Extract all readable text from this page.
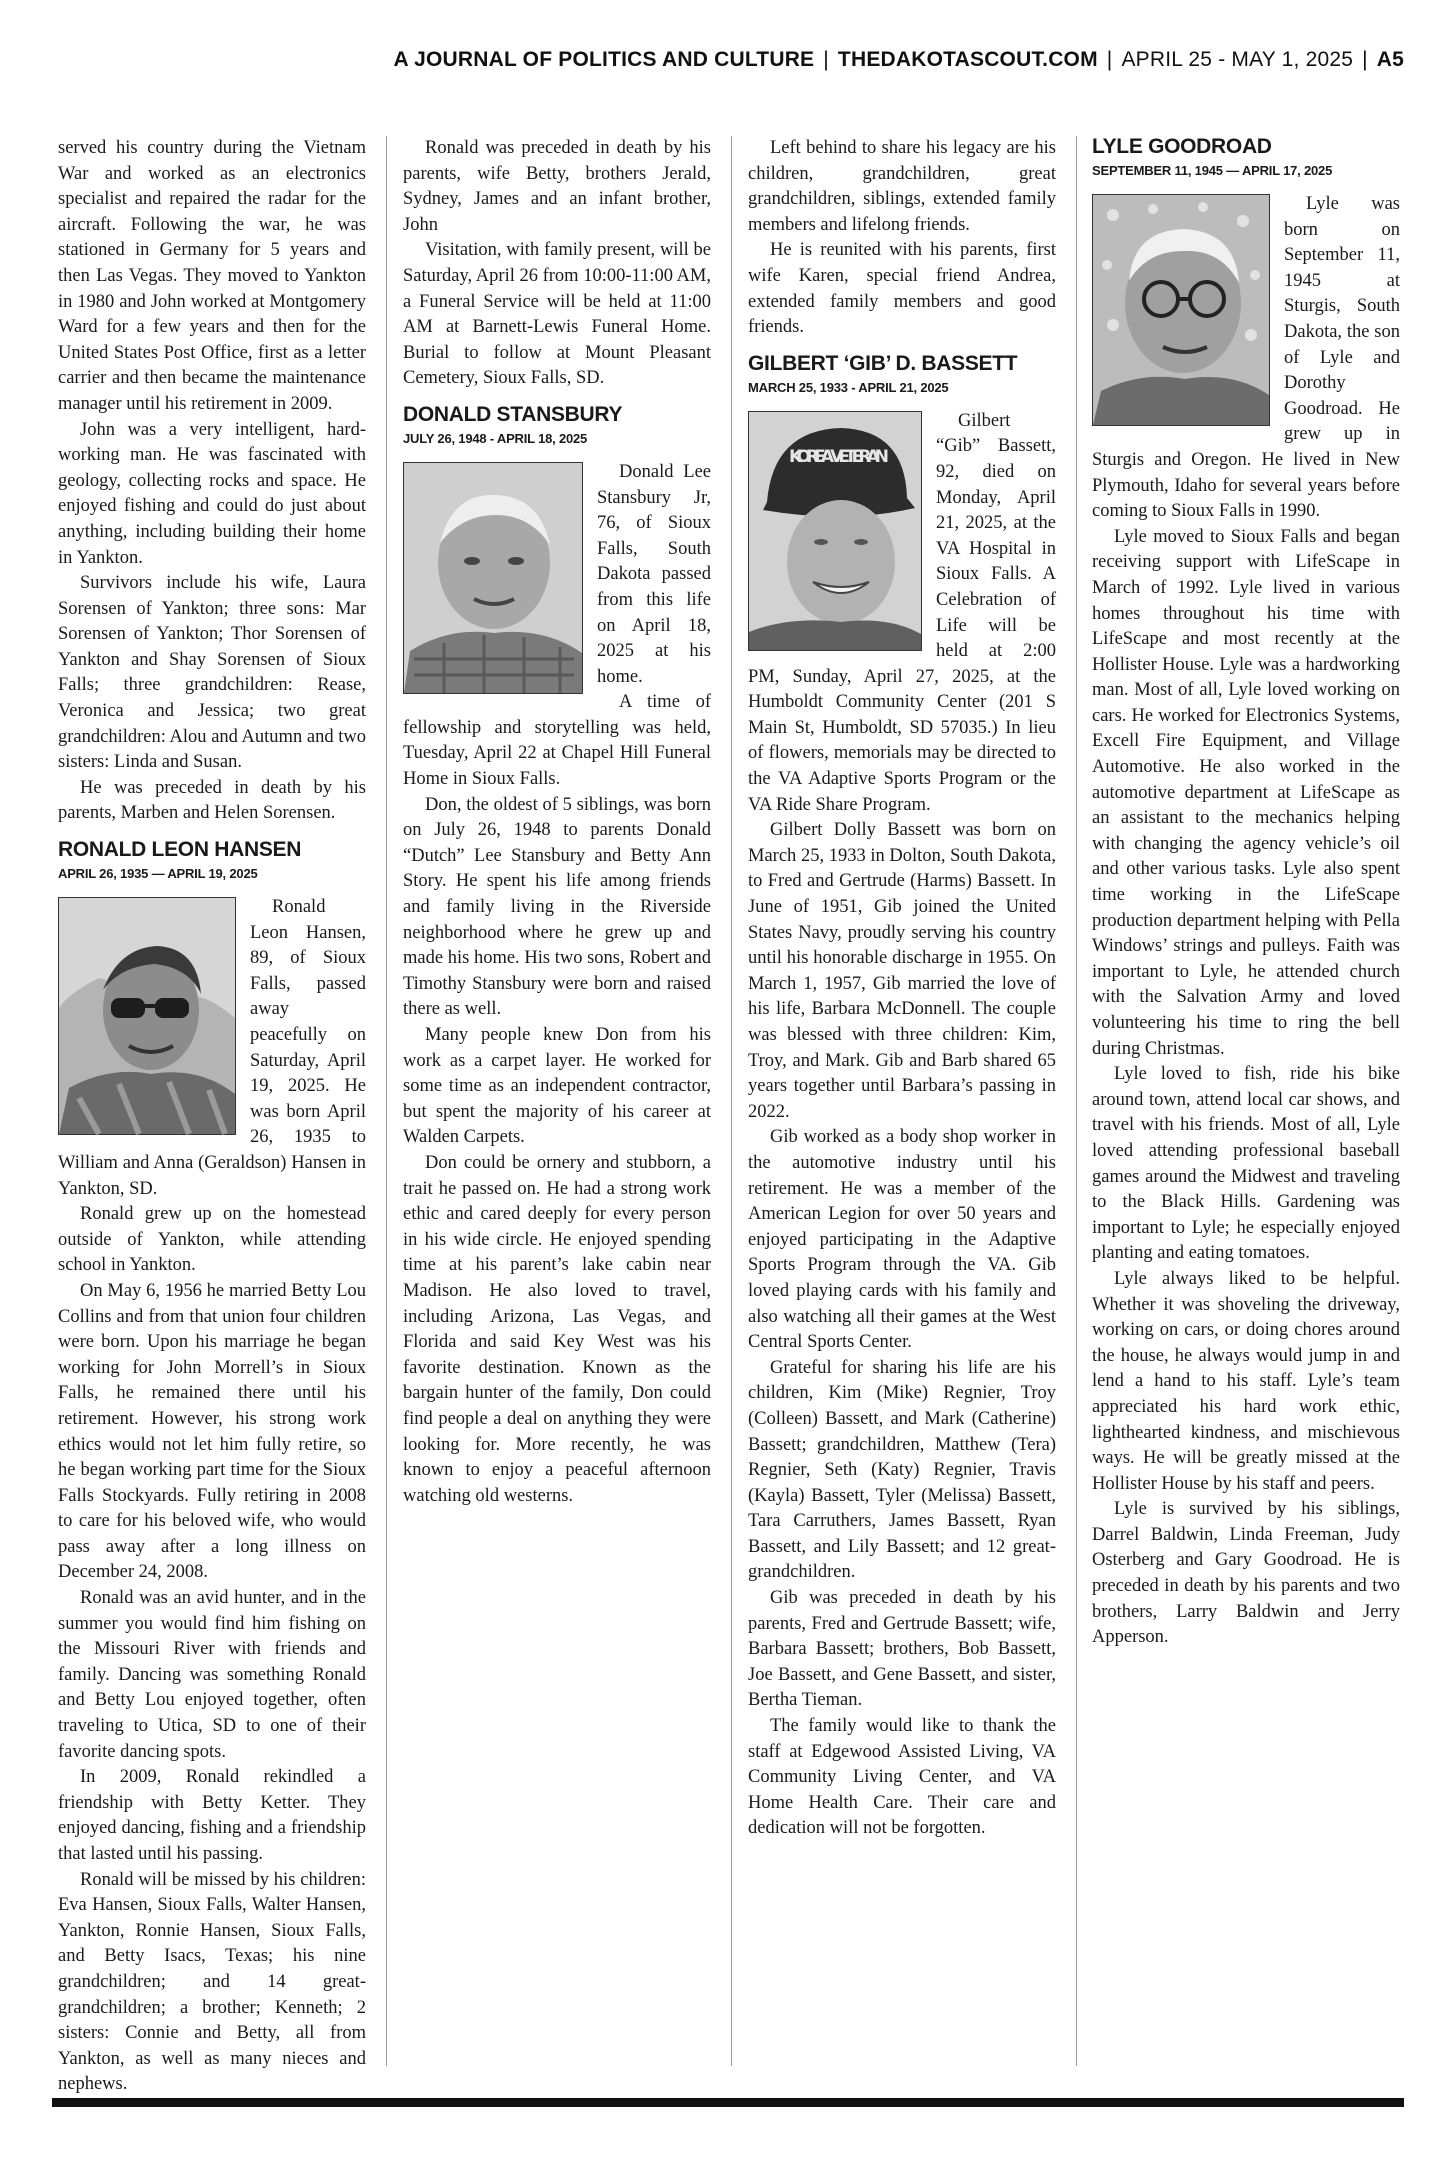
A JOURNAL OF POLITICS AND CULTURE | THEDAKOTASCOUT.COM | APRIL 25 - MAY 1, 2025 | A5

served his country during the Vietnam War and worked as an electronics specialist and repaired the radar for the aircraft. Following the war, he was stationed in Germany for 5 years and then Las Vegas. They moved to Yankton in 1980 and John worked at Montgomery Ward for a few years and then for the United States Post Office, first as a letter carrier and then became the maintenance manager until his retirement in 2009.

John was a very intelligent, hard-working man. He was fascinated with geology, collecting rocks and space. He enjoyed fishing and could do just about anything, including building their home in Yankton.

Survivors include his wife, Laura Sorensen of Yankton; three sons: Mar Sorensen of Yankton; Thor Sorensen of Yankton and Shay Sorensen of Sioux Falls; three grandchildren: Rease, Veronica and Jessica; two great grandchildren: Alou and Autumn and two sisters: Linda and Susan.

He was preceded in death by his parents, Marben and Helen Sorensen.

RONALD LEON HANSEN
APRIL 26, 1935 — APRIL 19, 2025

Ronald Leon Hansen, 89, of Sioux Falls, passed away peacefully on Saturday, April 19, 2025. He was born April 26, 1935 to William and Anna (Geraldson) Hansen in Yankton, SD.

Ronald grew up on the homestead outside of Yankton, while attending school in Yankton.

On May 6, 1956 he married Betty Lou Collins and from that union four children were born. Upon his marriage he began working for John Morrell’s in Sioux Falls, he remained there until his retirement. However, his strong work ethics would not let him fully retire, so he began working part time for the Sioux Falls Stockyards. Fully retiring in 2008 to care for his beloved wife, who would pass away after a long illness on December 24, 2008.

Ronald was an avid hunter, and in the summer you would find him fishing on the Missouri River with friends and family. Dancing was something Ronald and Betty Lou enjoyed together, often traveling to Utica, SD to one of their favorite dancing spots.

In 2009, Ronald rekindled a friendship with Betty Ketter. They enjoyed dancing, fishing and a friendship that lasted until his passing.

Ronald will be missed by his children: Eva Hansen, Sioux Falls, Walter Hansen, Yankton, Ronnie Hansen, Sioux Falls, and Betty Isacs, Texas; his nine grandchildren; and 14 great-grandchildren; a brother; Kenneth; 2 sisters: Connie and Betty, all from Yankton, as well as many nieces and nephews.

Ronald was preceded in death by his parents, wife Betty, brothers Jerald, Sydney, James and an infant brother, John

Visitation, with family present, will be Saturday, April 26 from 10:00-11:00 AM, a Funeral Service will be held at 11:00 AM at Barnett-Lewis Funeral Home. Burial to follow at Mount Pleasant Cemetery, Sioux Falls, SD.

DONALD STANSBURY
JULY 26, 1948 - APRIL 18, 2025

Donald Lee Stansbury Jr, 76, of Sioux Falls, South Dakota passed from this life on April 18, 2025 at his home.

A time of fellowship and storytelling was held, Tuesday, April 22 at Chapel Hill Funeral Home in Sioux Falls.

Don, the oldest of 5 siblings, was born on July 26, 1948 to parents Donald “Dutch” Lee Stansbury and Betty Ann Story. He spent his life among friends and family living in the Riverside neighborhood where he grew up and made his home. His two sons, Robert and Timothy Stansbury were born and raised there as well.

Many people knew Don from his work as a carpet layer. He worked for some time as an independent contractor, but spent the majority of his career at Walden Carpets.

Don could be ornery and stubborn, a trait he passed on. He had a strong work ethic and cared deeply for every person in his wide circle. He enjoyed spending time at his parent’s lake cabin near Madison. He also loved to travel, including Arizona, Las Vegas, and Florida and said Key West was his favorite destination. Known as the bargain hunter of the family, Don could find people a deal on anything they were looking for. More recently, he was known to enjoy a peaceful afternoon watching old westerns.

Left behind to share his legacy are his children, grandchildren, great grandchildren, siblings, extended family members and lifelong friends.

He is reunited with his parents, first wife Karen, special friend Andrea, extended family members and good friends.

GILBERT ‘GIB’ D. BASSETT
MARCH 25, 1933 - APRIL 21, 2025
KOREA VETERAN

Gilbert “Gib” Bassett, 92, died on Monday, April 21, 2025, at the VA Hospital in Sioux Falls. A Celebration of Life will be held at 2:00 PM, Sunday, April 27, 2025, at the Humboldt Community Center (201 S Main St, Humboldt, SD 57035.) In lieu of flowers, memorials may be directed to the VA Adaptive Sports Program or the VA Ride Share Program.

Gilbert Dolly Bassett was born on March 25, 1933 in Dolton, South Dakota, to Fred and Gertrude (Harms) Bassett. In June of 1951, Gib joined the United States Navy, proudly serving his country until his honorable discharge in 1955. On March 1, 1957, Gib married the love of his life, Barbara McDonnell. The couple was blessed with three children: Kim, Troy, and Mark. Gib and Barb shared 65 years together until Barbara’s passing in 2022.

Gib worked as a body shop worker in the automotive industry until his retirement. He was a member of the American Legion for over 50 years and enjoyed participating in the Adaptive Sports Program through the VA. Gib loved playing cards with his family and also watching all their games at the West Central Sports Center.

Grateful for sharing his life are his children, Kim (Mike) Regnier, Troy (Colleen) Bassett, and Mark (Catherine) Bassett; grandchildren, Matthew (Tera) Regnier, Seth (Katy) Regnier, Travis (Kayla) Bassett, Tyler (Melissa) Bassett, Tara Carruthers, James Bassett, Ryan Bassett, and Lily Bassett; and 12 great-grandchildren.

Gib was preceded in death by his parents, Fred and Gertrude Bassett; wife, Barbara Bassett; brothers, Bob Bassett, Joe Bassett, and Gene Bassett, and sister, Bertha Tieman.

The family would like to thank the staff at Edgewood Assisted Living, VA Community Living Center, and VA Home Health Care. Their care and dedication will not be forgotten.

LYLE GOODROAD
SEPTEMBER 11, 1945 — APRIL 17, 2025

Lyle was born on September 11, 1945 at Sturgis, South Dakota, the son of Lyle and Dorothy Goodroad. He grew up in Sturgis and Oregon. He lived in New Plymouth, Idaho for several years before coming to Sioux Falls in 1990.

Lyle moved to Sioux Falls and began receiving support with LifeScape in March of 1992. Lyle lived in various homes throughout his time with LifeScape and most recently at the Hollister House. Lyle was a hardworking man. Most of all, Lyle loved working on cars. He worked for Electronics Systems, Excell Fire Equipment, and Village Automotive. He also worked in the automotive department at LifeScape as an assistant to the mechanics helping with changing the agency vehicle’s oil and other various tasks. Lyle also spent time working in the LifeScape production department helping with Pella Windows’ strings and pulleys. Faith was important to Lyle, he attended church with the Salvation Army and loved volunteering his time to ring the bell during Christmas.

Lyle loved to fish, ride his bike around town, attend local car shows, and travel with his friends. Most of all, Lyle loved attending professional baseball games around the Midwest and traveling to the Black Hills. Gardening was important to Lyle; he especially enjoyed planting and eating tomatoes.

Lyle always liked to be helpful. Whether it was shoveling the driveway, working on cars, or doing chores around the house, he always would jump in and lend a hand to his staff. Lyle’s team appreciated his hard work ethic, lighthearted kindness, and mischievous ways. He will be greatly missed at the Hollister House by his staff and peers.

Lyle is survived by his siblings, Darrel Baldwin, Linda Freeman, Judy Osterberg and Gary Goodroad. He is preceded in death by his parents and two brothers, Larry Baldwin and Jerry Apperson.
